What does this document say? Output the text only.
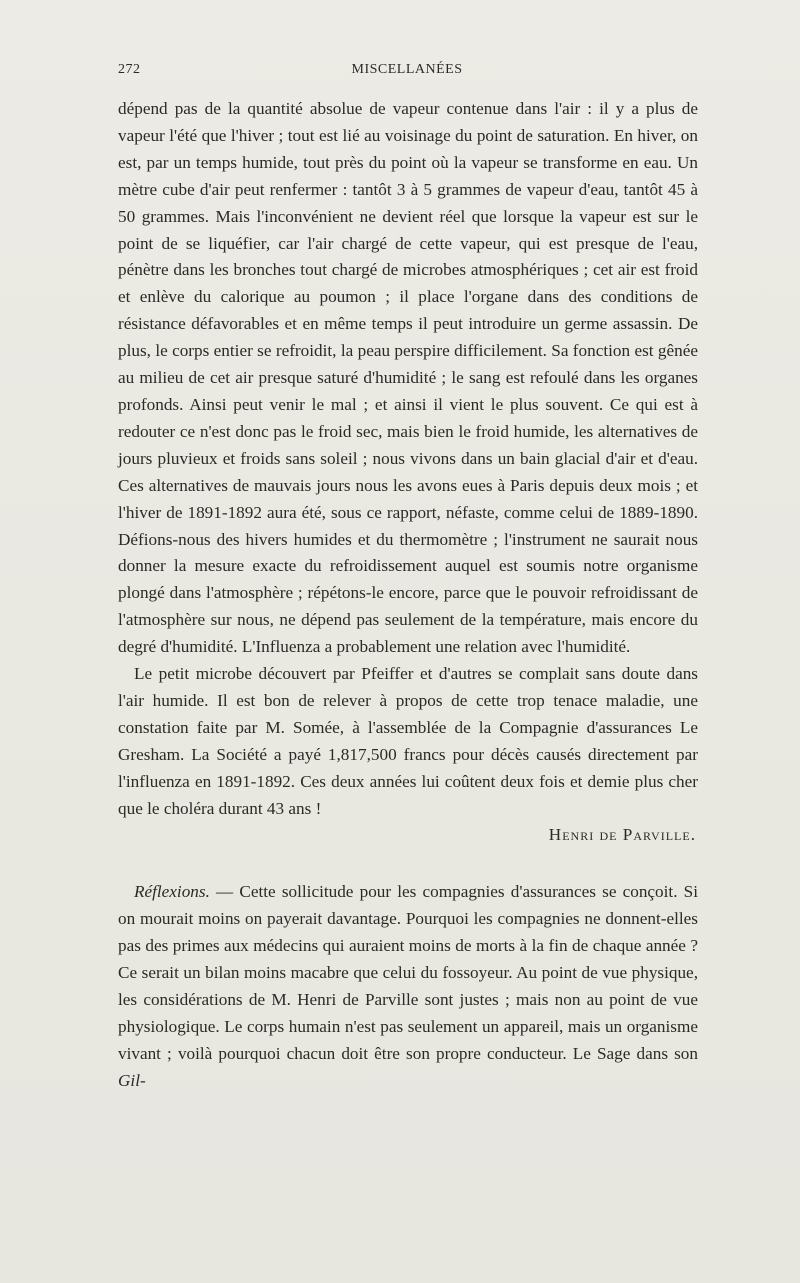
272	MISCELLANÉES

dépend pas de la quantité absolue de vapeur contenue dans l'air : il y a plus de vapeur l'été que l'hiver ; tout est lié au voisinage du point de saturation. En hiver, on est, par un temps humide, tout près du point où la vapeur se transforme en eau. Un mètre cube d'air peut renfermer : tantôt 3 à 5 grammes de vapeur d'eau, tantôt 45 à 50 grammes. Mais l'inconvénient ne devient réel que lorsque la vapeur est sur le point de se liquéfier, car l'air chargé de cette vapeur, qui est presque de l'eau, pénètre dans les bronches tout chargé de microbes atmosphériques ; cet air est froid et enlève du calorique au poumon ; il place l'organe dans des conditions de résistance défavorables et en même temps il peut introduire un germe assassin. De plus, le corps entier se refroidit, la peau perspire difficilement. Sa fonction est gênée au milieu de cet air presque saturé d'humidité ; le sang est refoulé dans les organes profonds. Ainsi peut venir le mal ; et ainsi il vient le plus souvent. Ce qui est à redouter ce n'est donc pas le froid sec, mais bien le froid humide, les alternatives de jours pluvieux et froids sans soleil ; nous vivons dans un bain glacial d'air et d'eau. Ces alternatives de mauvais jours nous les avons eues à Paris depuis deux mois ; et l'hiver de 1891-1892 aura été, sous ce rapport, néfaste, comme celui de 1889-1890. Défions-nous des hivers humides et du thermomètre ; l'instrument ne saurait nous donner la mesure exacte du refroidissement auquel est soumis notre organisme plongé dans l'atmosphère ; répétons-le encore, parce que le pouvoir refroidissant de l'atmosphère sur nous, ne dépend pas seulement de la température, mais encore du degré d'humidité. L'Influenza a probablement une relation avec l'humidité.

Le petit microbe découvert par Pfeiffer et d'autres se complait sans doute dans l'air humide. Il est bon de relever à propos de cette trop tenace maladie, une constation faite par M. Somée, à l'assemblée de la Compagnie d'assurances Le Gresham. La Société a payé 1,817,500 francs pour décès causés directement par l'influenza en 1891-1892. Ces deux années lui coûtent deux fois et demie plus cher que le choléra durant 43 ans !

Henri de Parville.

Réflexions. — Cette sollicitude pour les compagnies d'assurances se conçoit. Si on mourait moins on payerait davantage. Pourquoi les compagnies ne donnent-elles pas des primes aux médecins qui auraient moins de morts à la fin de chaque année ? Ce serait un bilan moins macabre que celui du fossoyeur. Au point de vue physique, les considérations de M. Henri de Parville sont justes ; mais non au point de vue physiologique. Le corps humain n'est pas seulement un appareil, mais un organisme vivant ; voilà pourquoi chacun doit être son propre conducteur. Le Sage dans son Gil-
